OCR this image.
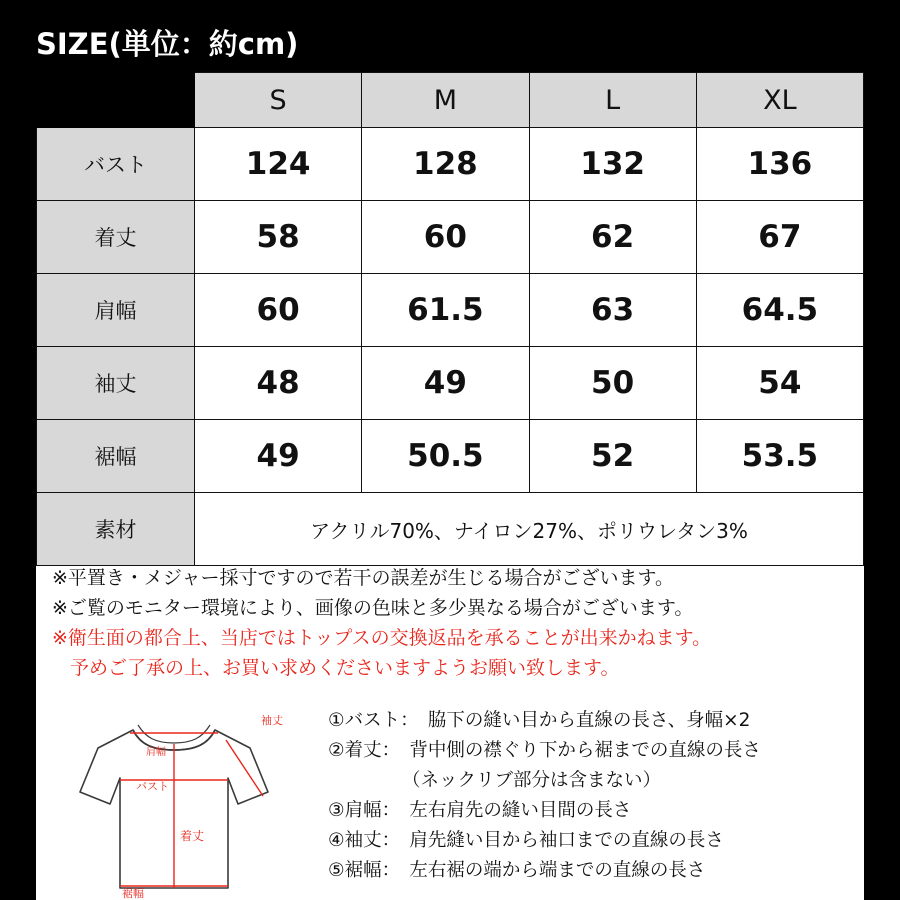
SIZE(単位：約cm)
	S	M	L	XL
バスト	124	128	132	136
着丈	58	60	62	67
肩幅	60	61.5	63	64.5
袖丈	48	49	50	54
裾幅	49	50.5	52	53.5
素材	アクリル70%、ナイロン27%、ポリウレタン3%			
※平置き・メジャー採寸ですので若干の誤差が生じる場合がございます。
※ご覧のモニター環境により、画像の色味と多少異なる場合がございます。
※衛生面の都合上、当店ではトップスの交換返品を承ることが出来かねます。
予めご了承の上、お買い求めくださいますようお願い致します。
袖丈
肩幅
バスト
着丈
裾幅
①バスト：　脇下の縫い目から直線の長さ、身幅×2
②着丈：　背中側の襟ぐり下から裾までの直線の長さ
（ネックリブ部分は含まない）
③肩幅：　左右肩先の縫い目間の長さ
④袖丈：　肩先縫い目から袖口までの直線の長さ
⑤裾幅：　左右裾の端から端までの直線の長さ
